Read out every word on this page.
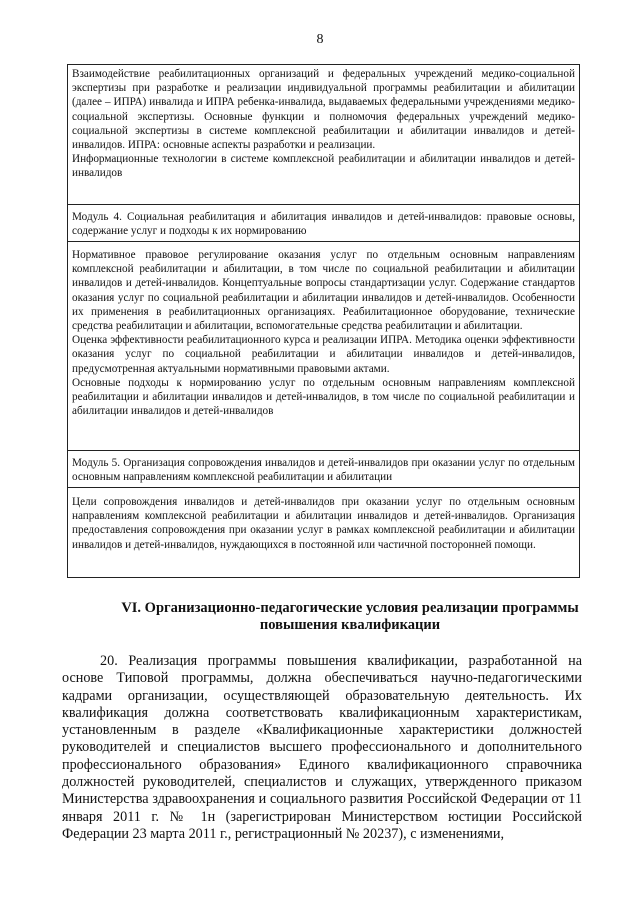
8

Взаимодействие реабилитационных организаций и федеральных учреждений медико-социальной экспертизы при разработке и реализации индивидуальной программы реабилитации и абилитации (далее – ИПРА) инвалида и ИПРА ребенка-инвалида, выдаваемых федеральными учреждениями медико-социальной экспертизы. Основные функции и полномочия федеральных учреждений медико-социальной экспертизы в системе комплексной реабилитации и абилитации инвалидов и детей-инвалидов. ИПРА: основные аспекты разработки и реализации.

Информационные технологии в системе комплексной реабилитации и абилитации инвалидов и детей-инвалидов

Модуль 4. Социальная реабилитация и абилитация инвалидов и детей-инвалидов: правовые основы, содержание услуг и подходы к их нормированию

Нормативное правовое регулирование оказания услуг по отдельным основным направлениям комплексной реабилитации и абилитации, в том числе по социальной реабилитации и абилитации инвалидов и детей-инвалидов. Концептуальные вопросы стандартизации услуг. Содержание стандартов оказания услуг по социальной реабилитации и абилитации инвалидов и детей-инвалидов. Особенности их применения в реабилитационных организациях. Реабилитационное оборудование, технические средства реабилитации и абилитации, вспомогательные средства реабилитации и абилитации.

Оценка эффективности реабилитационного курса и реализации ИПРА. Методика оценки эффективности оказания услуг по социальной реабилитации и абилитации инвалидов и детей-инвалидов, предусмотренная актуальными нормативными правовыми актами.

Основные подходы к нормированию услуг по отдельным основным направлениям комплексной реабилитации и абилитации инвалидов и детей-инвалидов, в том числе по социальной реабилитации и абилитации инвалидов и детей-инвалидов

Модуль 5. Организация сопровождения инвалидов и детей-инвалидов при оказании услуг по отдельным основным направлениям комплексной реабилитации и абилитации

Цели сопровождения инвалидов и детей-инвалидов при оказании услуг по отдельным основным направлениям комплексной реабилитации и абилитации инвалидов и детей-инвалидов. Организация предоставления сопровождения при оказании услуг в рамках комплексной реабилитации и абилитации инвалидов и детей-инвалидов, нуждающихся в постоянной или частичной посторонней помощи.

VI. Организационно-педагогические условия реализации программы
повышения квалификации

20. Реализация программы повышения квалификации, разработанной на основе Типовой программы, должна обеспечиваться научно-педагогическими кадрами организации, осуществляющей образовательную деятельность. Их квалификация должна соответствовать квалификационным характеристикам, установленным в разделе «Квалификационные характеристики должностей руководителей и специалистов высшего профессионального и дополнительного профессионального образования» Единого квалификационного справочника должностей руководителей, специалистов и служащих, утвержденного приказом Министерства здравоохранения и социального развития Российской Федерации от 11 января 2011 г. № 1н (зарегистрирован Министерством юстиции Российской Федерации 23 марта 2011 г., регистрационный № 20237), с изменениями,
